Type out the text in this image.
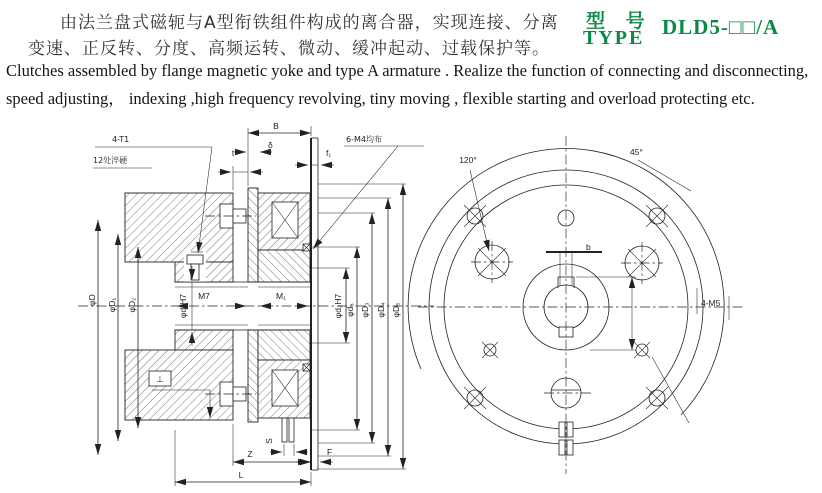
由法兰盘式磁轭与A型衔铁组件构成的离合器，实现连接、分离
变速、正反转、分度、高频运转、微动、缓冲起动、过载保护等。
Clutches assembled by flange magnetic yoke and type A armature . Realize the function of connecting and disconnecting,
speed adjusting， indexing ,high frequency revolving, tiny moving , flexible starting and overload protecting etc.
型 号
TYPE DLD5-□□/A
B
t
δ
f₁
φD φD₁ φD₂	φd₁H7	φd₂H7 φd₃ φD₃ φD₄ φD₅
M7	M₁
⊥
S
Z	F
L
4-T1
12处淬硬
6-M4均布
b
120°
45°
4-M5
